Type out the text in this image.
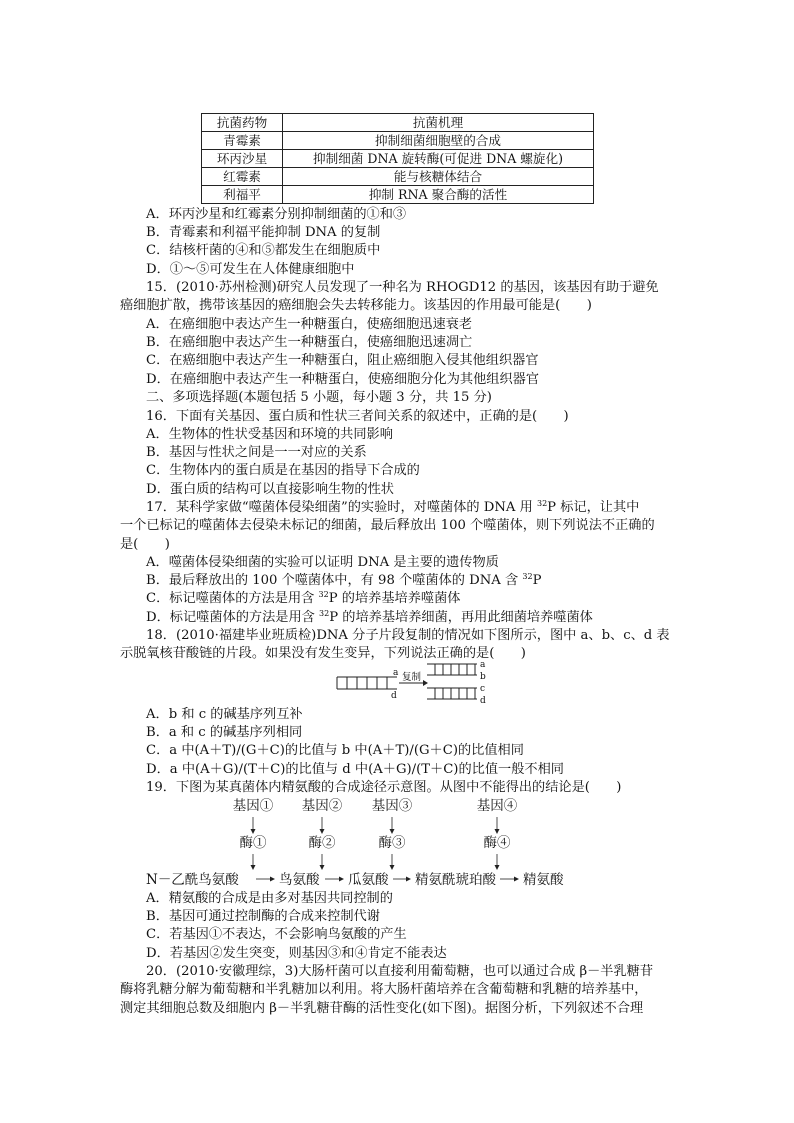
抗菌药物	抗菌机理
青霉素	抑制细菌细胞壁的合成
环丙沙星	抑制细菌 DNA 旋转酶(可促进 DNA 螺旋化)
红霉素	能与核糖体结合
利福平	抑制 RNA 聚合酶的活性
A．环丙沙星和红霉素分别抑制细菌的①和③
B．青霉素和利福平能抑制 DNA 的复制
C．结核杆菌的④和⑤都发生在细胞质中
D．①～⑤可发生在人体健康细胞中
15．(2010·苏州检测)研究人员发现了一种名为 RHOGD12 的基因，该基因有助于避免
癌细胞扩散，携带该基因的癌细胞会失去转移能力。该基因的作用最可能是(　　)
A．在癌细胞中表达产生一种糖蛋白，使癌细胞迅速衰老
B．在癌细胞中表达产生一种糖蛋白，使癌细胞迅速凋亡
C．在癌细胞中表达产生一种糖蛋白，阻止癌细胞入侵其他组织器官
D．在癌细胞中表达产生一种糖蛋白，使癌细胞分化为其他组织器官
二、多项选择题(本题包括 5 小题，每小题 3 分，共 15 分)
16．下面有关基因、蛋白质和性状三者间关系的叙述中，正确的是(　　)
A．生物体的性状受基因和环境的共同影响
B．基因与性状之间是一一对应的关系
C．生物体内的蛋白质是在基因的指导下合成的
D．蛋白质的结构可以直接影响生物的性状
17．某科学家做“噬菌体侵染细菌”的实验时，对噬菌体的 DNA 用 $^{32}$P 标记，让其中
一个已标记的噬菌体去侵染未标记的细菌，最后释放出 100 个噬菌体，则下列说法不正确的
是(　　)
A．噬菌体侵染细菌的实验可以证明 DNA 是主要的遗传物质
B．最后释放出的 100 个噬菌体中，有 98 个噬菌体的 DNA 含 $^{32}$P
C．标记噬菌体的方法是用含 $^{32}$P 的培养基培养噬菌体
D．标记噬菌体的方法是用含 $^{32}$P 的培养基培养细菌，再用此细菌培养噬菌体
18．(2010·福建毕业班质检)DNA 分子片段复制的情况如下图所示，图中 a、b、c、d 表
示脱氧核苷酸链的片段。如果没有发生变异，下列说法正确的是(　　)
a
d
复制
a
b
c
d
A．b 和 c 的碱基序列互补
B．a 和 c 的碱基序列相同
C．a 中(A＋T)/(G＋C)的比值与 b 中(A＋T)/(G＋C)的比值相同
D．a 中(A＋G)/(T＋C)的比值与 d 中(A＋G)/(T＋C)的比值一般不相同
19．下图为某真菌体内精氨酸的合成途径示意图。从图中不能得出的结论是(　　)
基因① 基因② 基因③	基因④
酶①	酶②	酶③	酶④
N－乙酰鸟氨酸	鸟氨酸 瓜氨酸 精氨酰琥珀酸 精氨酸
A．精氨酸的合成是由多对基因共同控制的
B．基因可通过控制酶的合成来控制代谢
C．若基因①不表达，不会影响鸟氨酸的产生
D．若基因②发生突变，则基因③和④肯定不能表达
20．(2010·安徽理综，3)大肠杆菌可以直接利用葡萄糖，也可以通过合成 β－半乳糖苷
酶将乳糖分解为葡萄糖和半乳糖加以利用。将大肠杆菌培养在含葡萄糖和乳糖的培养基中，
测定其细胞总数及细胞内 β－半乳糖苷酶的活性变化(如下图)。据图分析，下列叙述不合理
